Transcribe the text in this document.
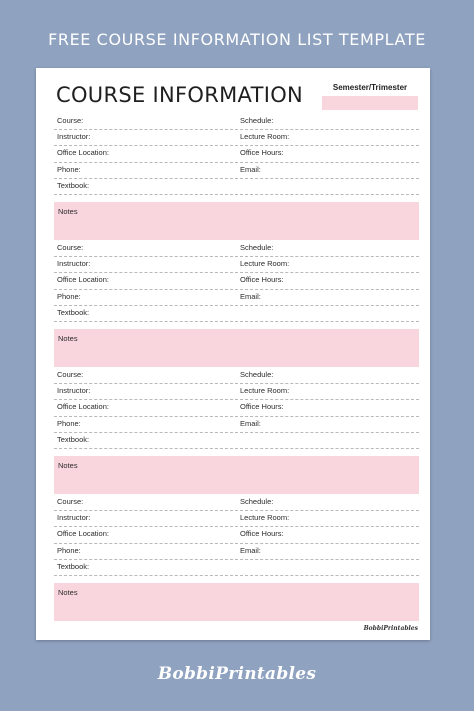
FREE COURSE INFORMATION LIST TEMPLATE
COURSE INFORMATION	Semester/Trimester
Course:	Schedule:
Instructor:	Lecture Room:
Office Location:	Office Hours:
Phone:	Email:
Textbook:
Notes
Course:	Schedule:
Instructor:	Lecture Room:
Office Location:	Office Hours:
Phone:	Email:
Textbook:
Notes
Course:	Schedule:
Instructor:	Lecture Room:
Office Location:	Office Hours:
Phone:	Email:
Textbook:
Notes
Course:	Schedule:
Instructor:	Lecture Room:
Office Location:	Office Hours:
Phone:	Email:
Textbook:
Notes
BobbiPrintables
BobbiPrintables
